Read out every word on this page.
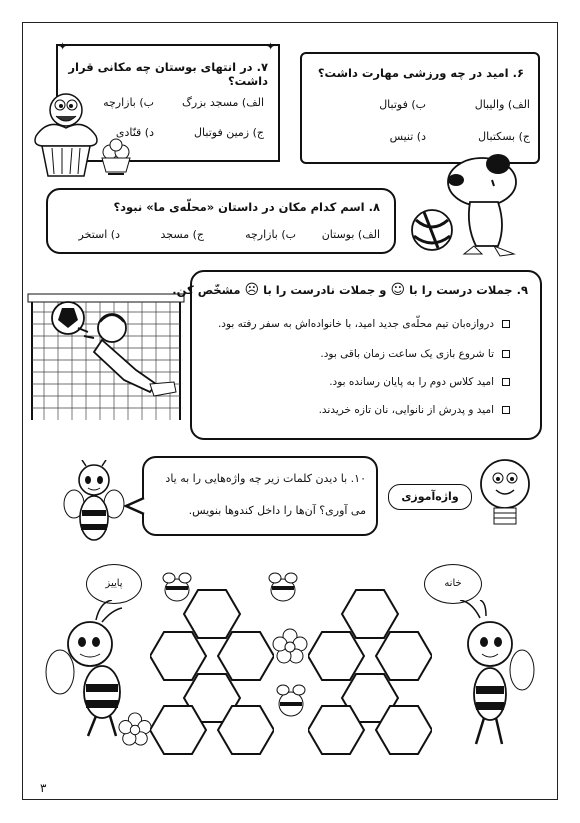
۷. در انتهای بوستان چه مکانی قرار داشت؟
الف) مسجد بزرگ
ب) بازارچه
ج) زمین فوتبال
د) قنّادی
✦	✦
۶. امید در چه ورزشی مهارت داشت؟
الف) والیبال
ب) فوتبال
ج) بسکتبال
د) تنیس
۸. اسم کدام مکان در داستان «محلّه‌ی ما» نبود؟
الف) بوستان
ب) بازارچه
ج) مسجد
د) استخر
۹. جملات درست را با ☺ و جملات نادرست را با ☹ مشخّص کن.
دروازه‌بان تیم محلّه‌ی جدید امید، با خانواده‌اش به سفر رفته بود.
تا شروع بازی یک ساعت زمان باقی بود.
امید کلاس دوم را به پایان رسانده بود.
امید و پدرش از نانوایی، نان تازه خریدند.
۱۰. با دیدن کلمات زیر چه واژه‌هایی را به یاد
می آوری؟ آن‌ها را داخل کندوها بنویس.
واژه‌آموزی
پاییز	خانه
۳
